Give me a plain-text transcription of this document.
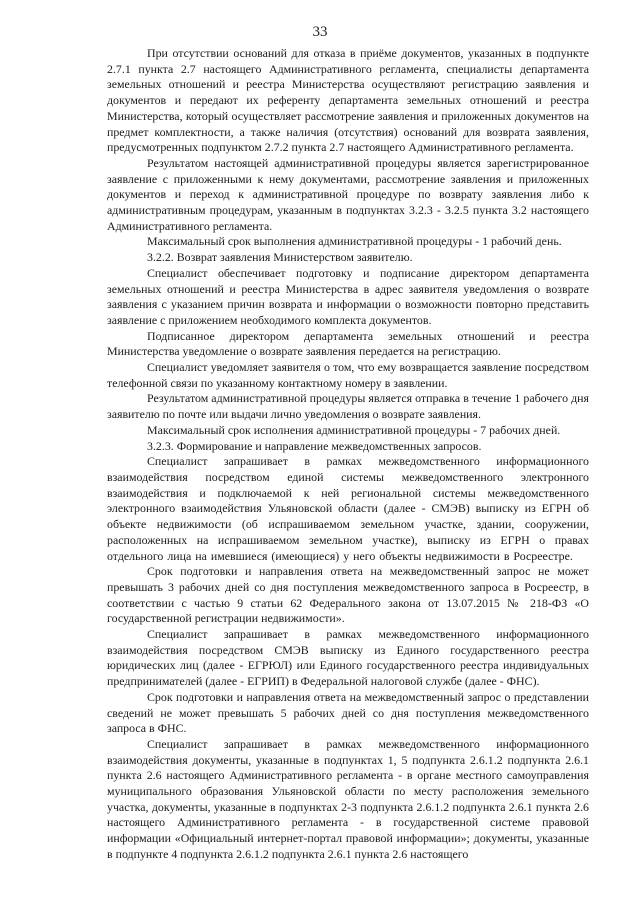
33

При отсутствии оснований для отказа в приёме документов, указанных в подпункте 2.7.1 пункта 2.7 настоящего Административного регламента, специалисты департамента земельных отношений и реестра Министерства осуществляют регистрацию заявления и документов и передают их референту департамента земельных отношений и реестра Министерства, который осуществляет рассмотрение заявления и приложенных документов на предмет комплектности, а также наличия (отсутствия) оснований для возврата заявления, предусмотренных подпунктом 2.7.2 пункта 2.7 настоящего Административного регламента.

Результатом настоящей административной процедуры является зарегистрированное заявление с приложенными к нему документами, рассмотрение заявления и приложенных документов и переход к административной процедуре по возврату заявления либо к административным процедурам, указанным в подпунктах 3.2.3 - 3.2.5 пункта 3.2 настоящего Административного регламента.

Максимальный срок выполнения административной процедуры - 1 рабочий день.

3.2.2. Возврат заявления Министерством заявителю.

Специалист обеспечивает подготовку и подписание директором департамента земельных отношений и реестра Министерства в адрес заявителя уведомления о возврате заявления с указанием причин возврата и информации о возможности повторно представить заявление с приложением необходимого комплекта документов.

Подписанное директором департамента земельных отношений и реестра Министерства уведомление о возврате заявления передается на регистрацию.

Специалист уведомляет заявителя о том, что ему возвращается заявление посредством телефонной связи по указанному контактному номеру в заявлении.

Результатом административной процедуры является отправка в течение 1 рабочего дня заявителю по почте или выдачи лично уведомления о возврате заявления.

Максимальный срок исполнения административной процедуры - 7 рабочих дней.

3.2.3. Формирование и направление межведомственных запросов.

Специалист запрашивает в рамках межведомственного информационного взаимодействия посредством единой системы межведомственного электронного взаимодействия и подключаемой к ней региональной системы межведомственного электронного взаимодействия Ульяновской области (далее - СМЭВ) выписку из ЕГРН об объекте недвижимости (об испрашиваемом земельном участке, здании, сооружении, расположенных на испрашиваемом земельном участке), выписку из ЕГРН о правах отдельного лица на имевшиеся (имеющиеся) у него объекты недвижимости в Росреестре.

Срок подготовки и направления ответа на межведомственный запрос не может превышать 3 рабочих дней со дня поступления межведомственного запроса в Росреестр, в соответствии с частью 9 статьи 62 Федерального закона от 13.07.2015 № 218-ФЗ «О государственной регистрации недвижимости».

Специалист запрашивает в рамках межведомственного информационного взаимодействия посредством СМЭВ выписку из Единого государственного реестра юридических лиц (далее - ЕГРЮЛ) или Единого государственного реестра индивидуальных предпринимателей (далее - ЕГРИП) в Федеральной налоговой службе (далее - ФНС).

Срок подготовки и направления ответа на межведомственный запрос о представлении сведений не может превышать 5 рабочих дней со дня поступления межведомственного запроса в ФНС.

Специалист запрашивает в рамках межведомственного информационного взаимодействия документы, указанные в подпунктах 1, 5 подпункта 2.6.1.2 подпункта 2.6.1 пункта 2.6 настоящего Административного регламента - в органе местного самоуправления муниципального образования Ульяновской области по месту расположения земельного участка, документы, указанные в подпунктах 2-3 подпункта 2.6.1.2 подпункта 2.6.1 пункта 2.6 настоящего Административного регламента - в государственной системе правовой информации «Официальный интернет-портал правовой информации»; документы, указанные в подпункте 4 подпункта 2.6.1.2 подпункта 2.6.1 пункта 2.6 настоящего
